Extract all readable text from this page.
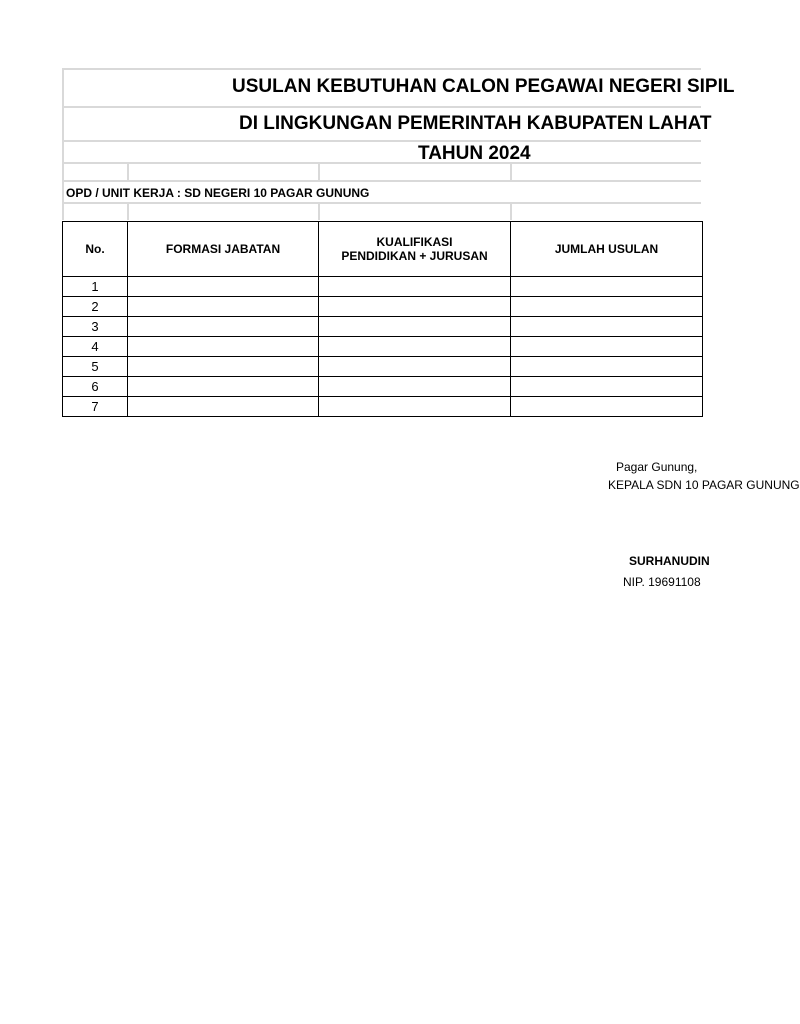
USULAN KEBUTUHAN CALON PEGAWAI NEGERI SIPIL
DI LINGKUNGAN PEMERINTAH KABUPATEN LAHAT
TAHUN 2024
OPD / UNIT KERJA : SD NEGERI 10 PAGAR GUNUNG
No.	FORMASI JABATAN	KUALIFIKASI PENDIDIKAN + JURUSAN	JUMLAH USULAN
1			
2			
3			
4			
5			
6			
7			
Pagar Gunung,
KEPALA SDN 10 PAGAR GUNUNG
SURHANUDIN
NIP. 19691108
